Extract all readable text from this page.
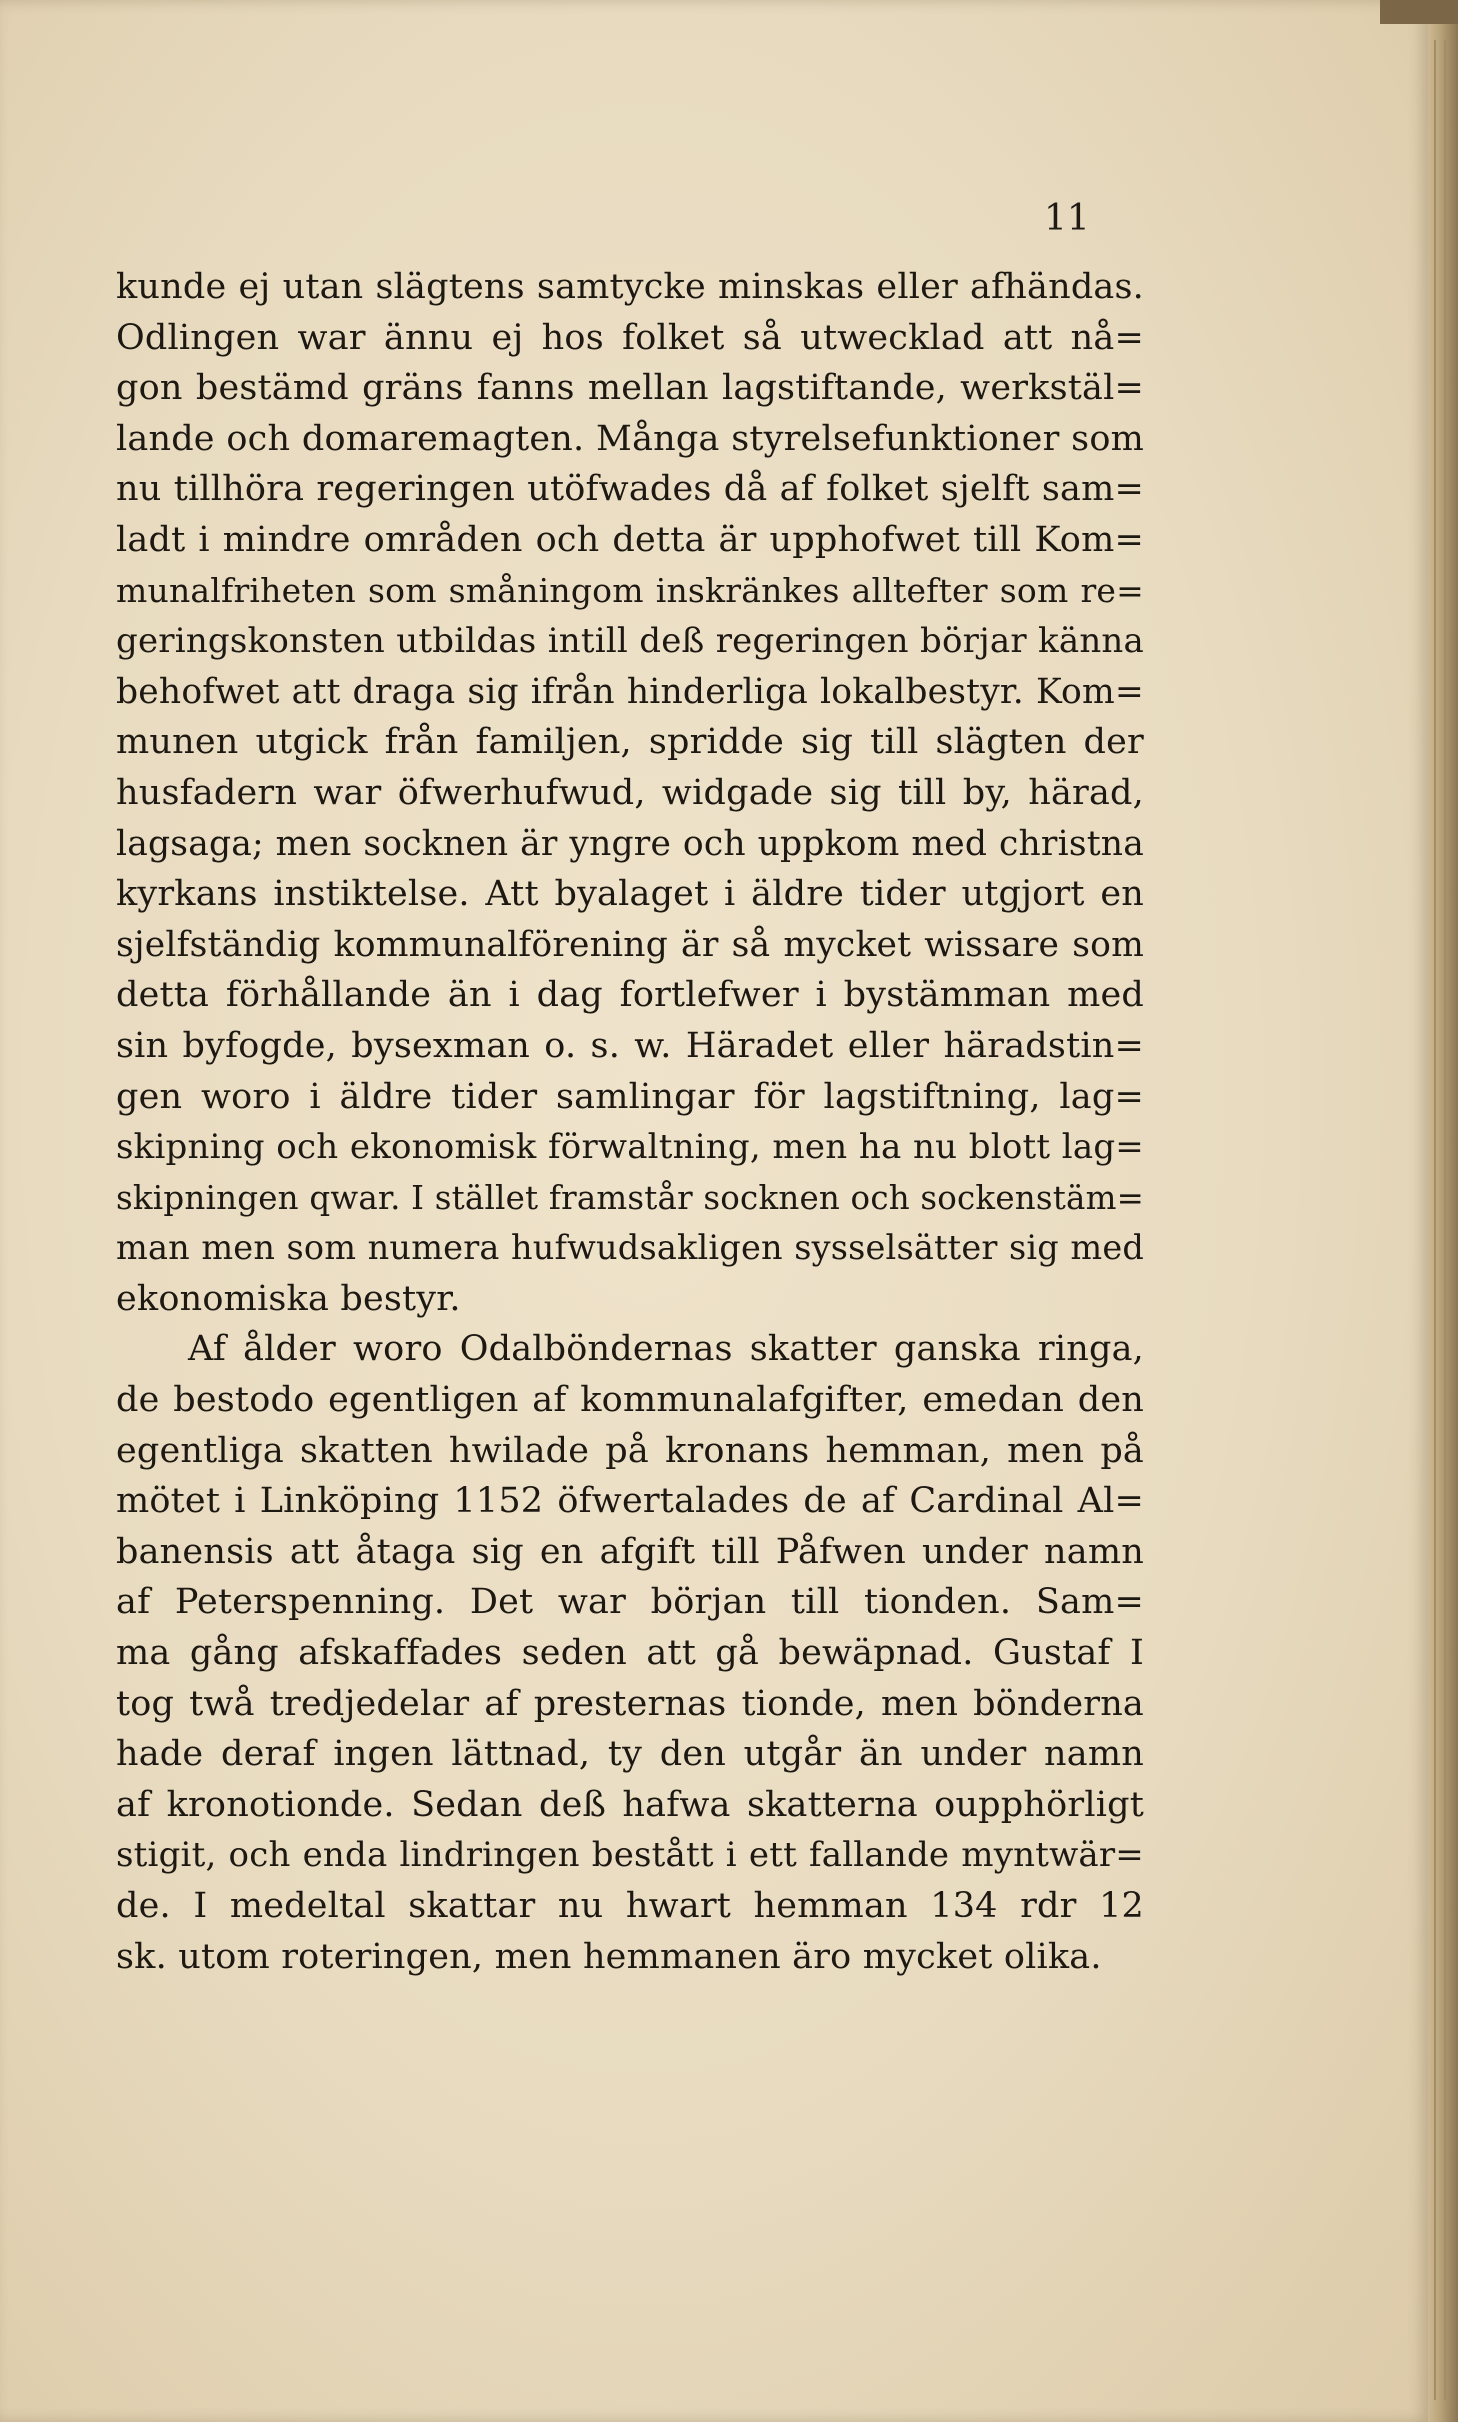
11
kunde ej utan slägtens samtycke minskas eller afhändas.
Odlingen war ännu ej hos folket så utwecklad att nå=
gon bestämd gräns fanns mellan lagstiftande, werkstäl=
lande och domaremagten. Många styrelsefunktioner som
nu tillhöra regeringen utöfwades då af folket sjelft sam=
ladt i mindre områden och detta är upphofwet till Kom=
munalfriheten som småningom inskränkes alltefter som re=
geringskonsten utbildas intill deß regeringen börjar känna
behofwet att draga sig ifrån hinderliga lokalbestyr. Kom=
munen utgick från familjen, spridde sig till slägten der
husfadern war öfwerhufwud, widgade sig till by, härad,
lagsaga; men socknen är yngre och uppkom med christna
kyrkans instiktelse. Att byalaget i äldre tider utgjort en
sjelfständig kommunalförening är så mycket wissare som
detta förhållande än i dag fortlefwer i bystämman med
sin byfogde, bysexman o. s. w. Häradet eller häradstin=
gen woro i äldre tider samlingar för lagstiftning, lag=
skipning och ekonomisk förwaltning, men ha nu blott lag=
skipningen qwar. I stället framstår socknen och sockenstäm=
man men som numera hufwudsakligen sysselsätter sig med
ekonomiska bestyr.
Af ålder woro Odalböndernas skatter ganska ringa,
de bestodo egentligen af kommunalafgifter, emedan den
egentliga skatten hwilade på kronans hemman, men på
mötet i Linköping 1152 öfwertalades de af Cardinal Al=
banensis att åtaga sig en afgift till Påfwen under namn
af Peterspenning. Det war början till tionden. Sam=
ma gång afskaffades seden att gå bewäpnad. Gustaf I
tog twå tredjedelar af presternas tionde, men bönderna
hade deraf ingen lättnad, ty den utgår än under namn
af kronotionde. Sedan deß hafwa skatterna oupphörligt
stigit, och enda lindringen bestått i ett fallande myntwär=
de. I medeltal skattar nu hwart hemman 134 rdr 12
sk. utom roteringen, men hemmanen äro mycket olika.
